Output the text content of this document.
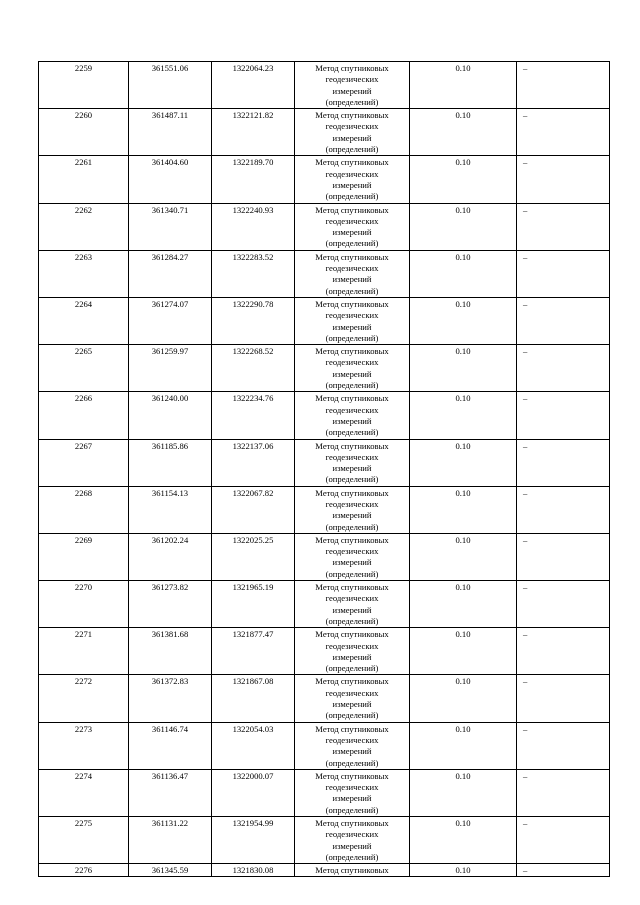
2259	361551.06	1322064.23	Метод спутниковых
геодезических
измерений
(определений)	0.10	–
2260	361487.11	1322121.82	Метод спутниковых
геодезических
измерений
(определений)	0.10	–
2261	361404.60	1322189.70	Метод спутниковых
геодезических
измерений
(определений)	0.10	–
2262	361340.71	1322240.93	Метод спутниковых
геодезических
измерений
(определений)	0.10	–
2263	361284.27	1322283.52	Метод спутниковых
геодезических
измерений
(определений)	0.10	–
2264	361274.07	1322290.78	Метод спутниковых
геодезических
измерений
(определений)	0.10	–
2265	361259.97	1322268.52	Метод спутниковых
геодезических
измерений
(определений)	0.10	–
2266	361240.00	1322234.76	Метод спутниковых
геодезических
измерений
(определений)	0.10	–
2267	361185.86	1322137.06	Метод спутниковых
геодезических
измерений
(определений)	0.10	–
2268	361154.13	1322067.82	Метод спутниковых
геодезических
измерений
(определений)	0.10	–
2269	361202.24	1322025.25	Метод спутниковых
геодезических
измерений
(определений)	0.10	–
2270	361273.82	1321965.19	Метод спутниковых
геодезических
измерений
(определений)	0.10	–
2271	361381.68	1321877.47	Метод спутниковых
геодезических
измерений
(определений)	0.10	–
2272	361372.83	1321867.08	Метод спутниковых
геодезических
измерений
(определений)	0.10	–
2273	361146.74	1322054.03	Метод спутниковых
геодезических
измерений
(определений)	0.10	–
2274	361136.47	1322000.07	Метод спутниковых
геодезических
измерений
(определений)	0.10	–
2275	361131.22	1321954.99	Метод спутниковых
геодезических
измерений
(определений)	0.10	–
2276	361345.59	1321830.08	Метод спутниковых	0.10	–
